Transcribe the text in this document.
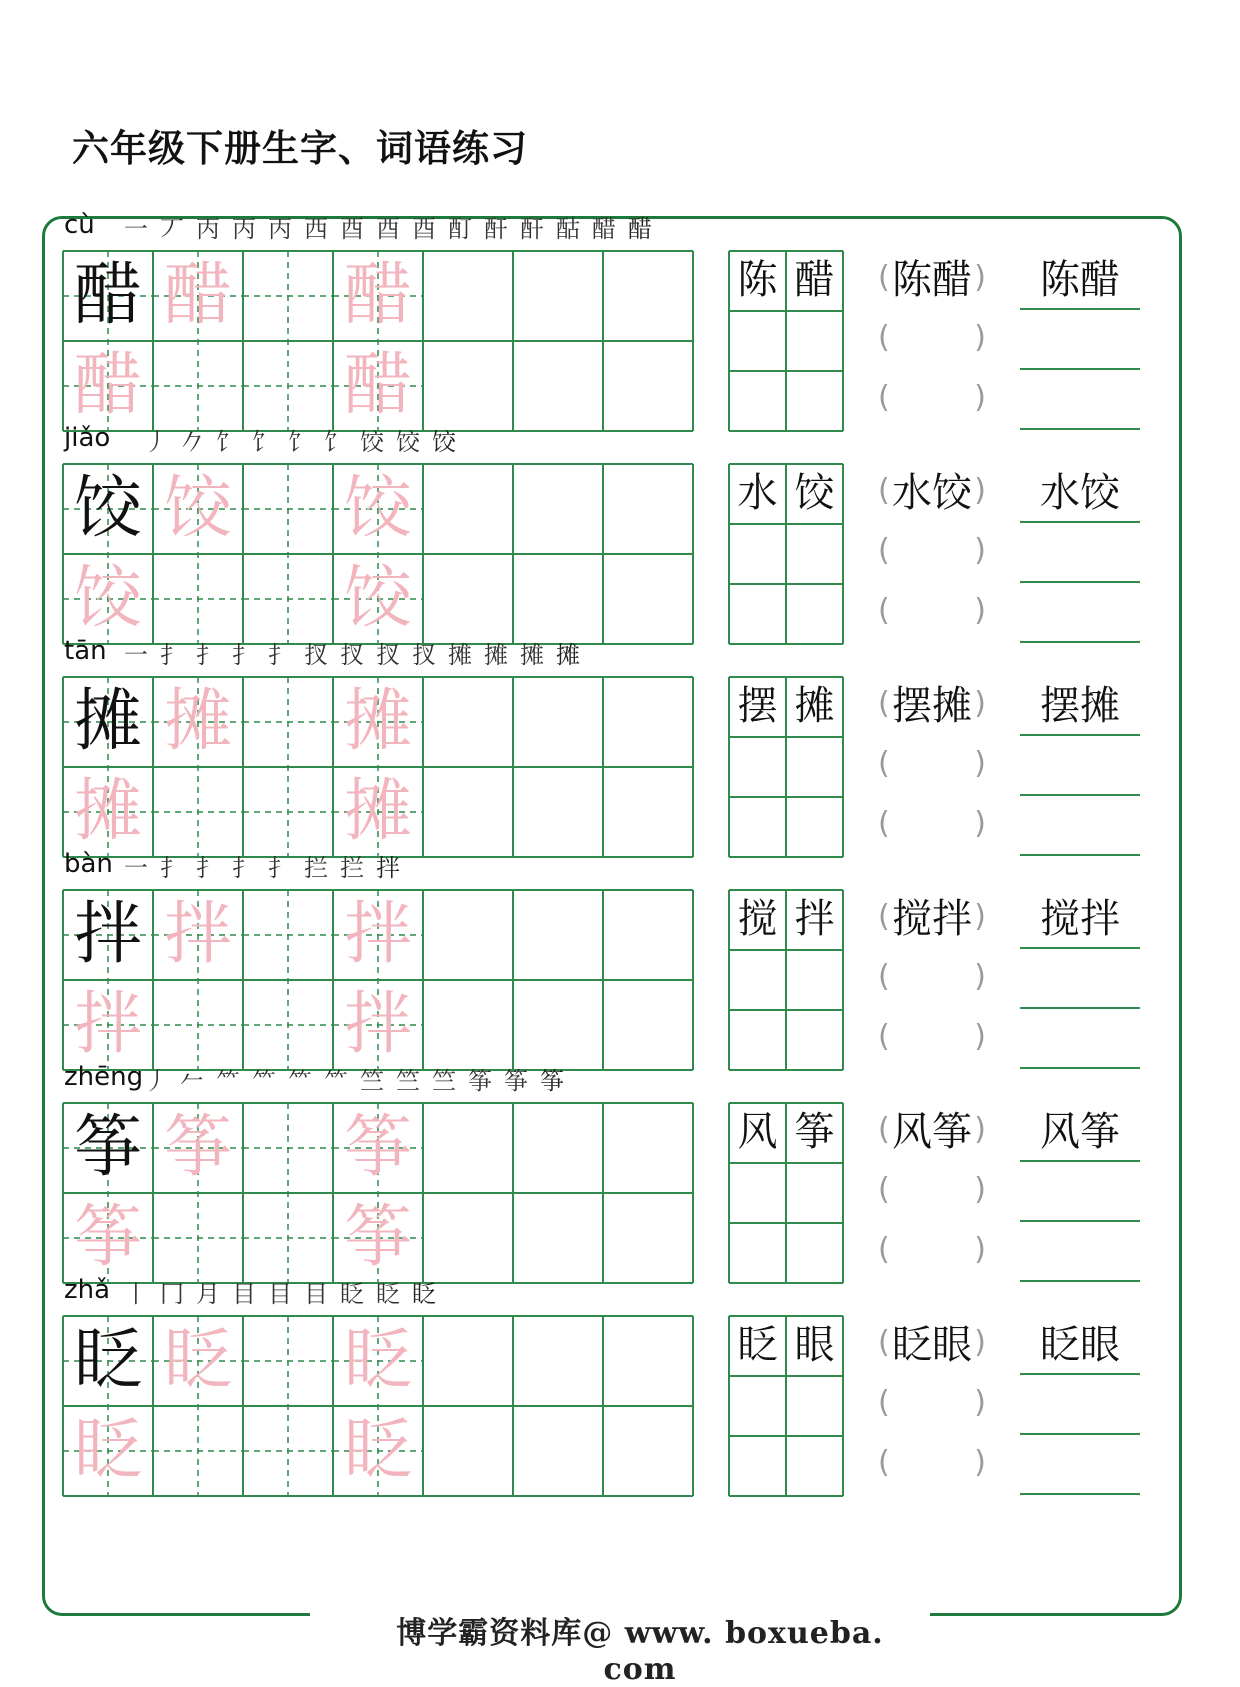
六年级下册生字、词语练习
cù 一 丆 丙 丙 丙 西 酉 酉 酉 酊 酐 酐 酤 醋 醋
醋 醋 醋
醋	醋
陈 醋 (	)
陈醋
(	)
(	)
陈醋
jiǎo 丿 𠂊 饣 饣 饣 饣 饺 饺 饺
饺 饺 饺
饺	饺
水 饺 (	)
水饺
(	)
(	)
水饺
tān 一 扌 扌 扌 扌 扠 扠 扠 扠 摊 摊 摊 摊
摊 摊 摊
摊	摊
摆 摊 (	)
摆摊
(	)
(	)
摆摊
bàn 一 扌 扌 扌 扌 拦 拦 拌
拌 拌 拌
拌	拌
搅 拌 (	)
搅拌
(	)
(	)
搅拌
zhēng 丿 𠂉 ⺮ ⺮ ⺮ ⺮ 竺 竺 竺 筝 筝 筝
筝 筝 筝
筝	筝
风 筝 (	)
风筝
(	)
(	)
风筝
zhǎ 丨 冂 月 目 目 目 眨 眨 眨
眨 眨 眨
眨	眨
眨 眼 (	)
眨眼
(	)
(	)
眨眼
博学霸资料库@ www. boxueba. com
